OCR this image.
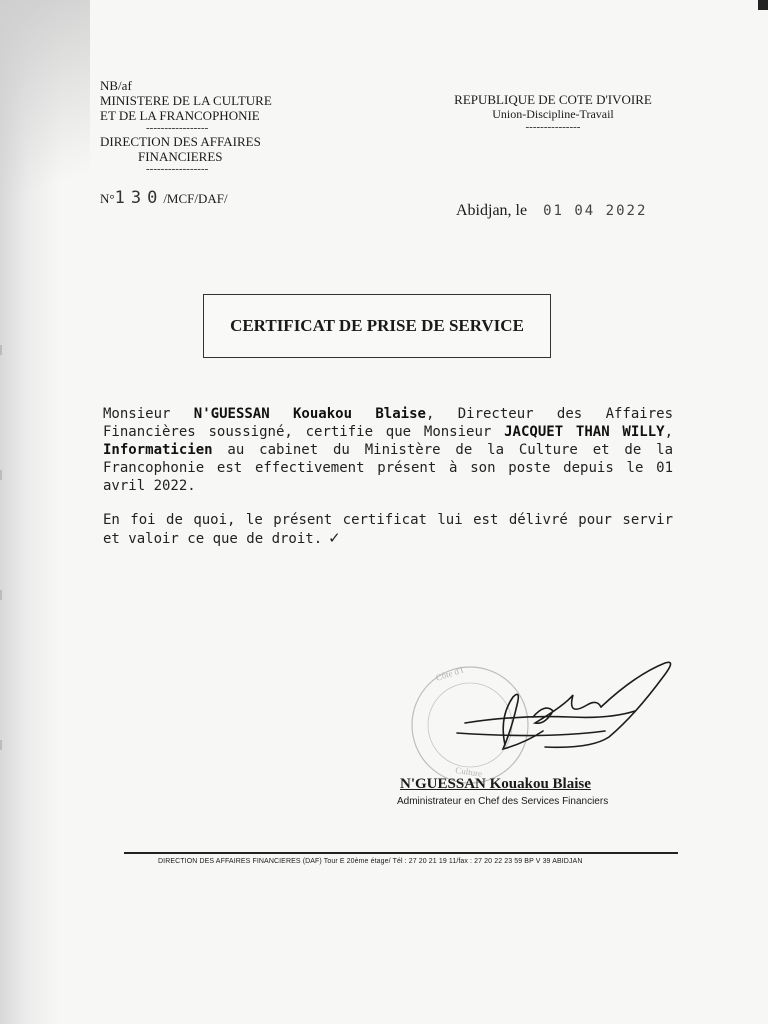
NB/af
MINISTERE DE LA CULTURE
ET DE LA FRANCOPHONIE
-----------------
DIRECTION DES AFFAIRES
FINANCIERES
-----------------
REPUBLIQUE DE COTE D'IVOIRE
Union-Discipline-Travail
---------------
N°130/MCF/DAF/
Abidjan, le 01 04 2022
CERTIFICAT DE PRISE DE SERVICE

Monsieur N'GUESSAN Kouakou Blaise, Directeur des Affaires Financières soussigné, certifie que Monsieur JACQUET THAN WILLY, Informaticien au cabinet du Ministère de la Culture et de la Francophonie est effectivement présent à son poste depuis le 01 avril 2022.

En foi de quoi, le présent certificat lui est délivré pour servir et valoir ce que de droit. ✓

Côte d'I
Culture
N'GUESSAN Kouakou Blaise
Administrateur en Chef des Services Financiers
DIRECTION DES AFFAIRES FINANCIERES (DAF) Tour E 20ème étage/ Tél : 27 20 21 19 11/fax : 27 20 22 23 59 BP V 39 ABIDJAN
